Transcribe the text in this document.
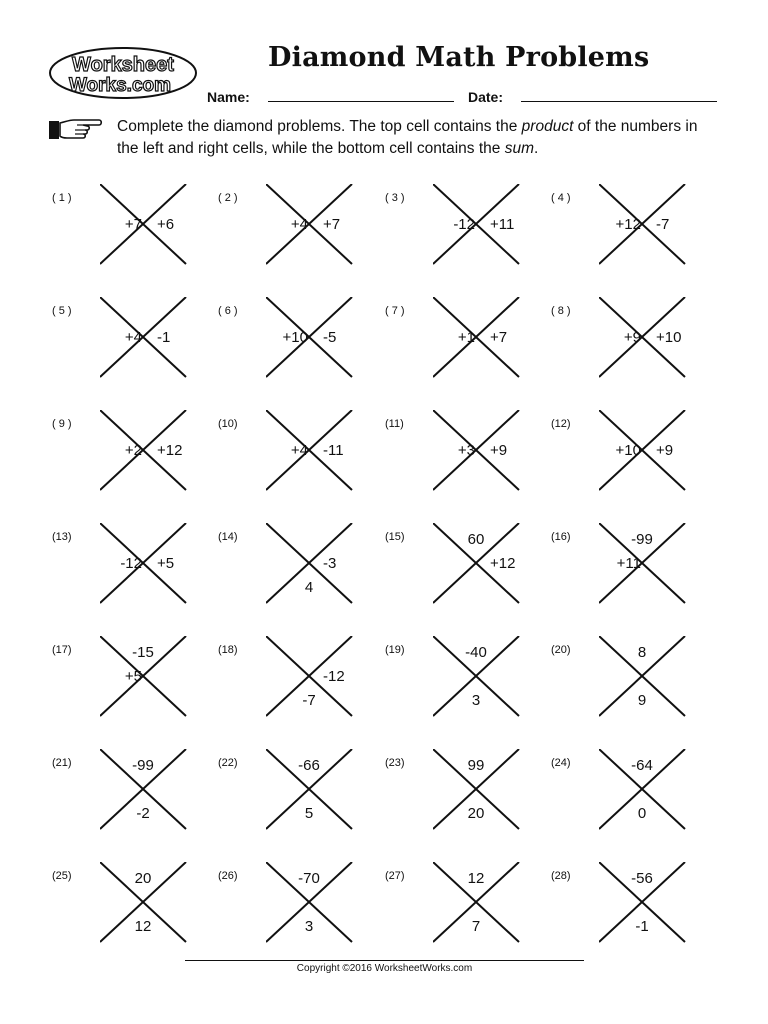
Worksheet
Works.com
Diamond Math Problems
Name:	Date:
Complete the diamond problems. The top cell contains the product of the numbers in the left and right cells, while the bottom cell contains the sum.
( 1 )
+7 +6
( 2 )
+4 +7
( 3 )
-12 +11
( 4 )
+12 -7
( 5 )
+4 -1
( 6 )
+10 -5
( 7 )
+1 +7
( 8 )
+9 +10
( 9 )
+2 +12
(10)
+4 -11
(11)
+3 +9
(12)
+10 +9
(13)
-12 +5
(14)
-3
4
(15)	60
+12
(16)	-99
+11
(17)	-15
+5
(18)
-12
-7
(19)	-40
3
(20)	8
9
(21)	-99
-2
(22)	-66
5
(23)	99
20
(24)	-64
0
(25)	20
12
(26)	-70
3
(27)	12
7
(28)	-56
-1
Copyright ©2016 WorksheetWorks.com
